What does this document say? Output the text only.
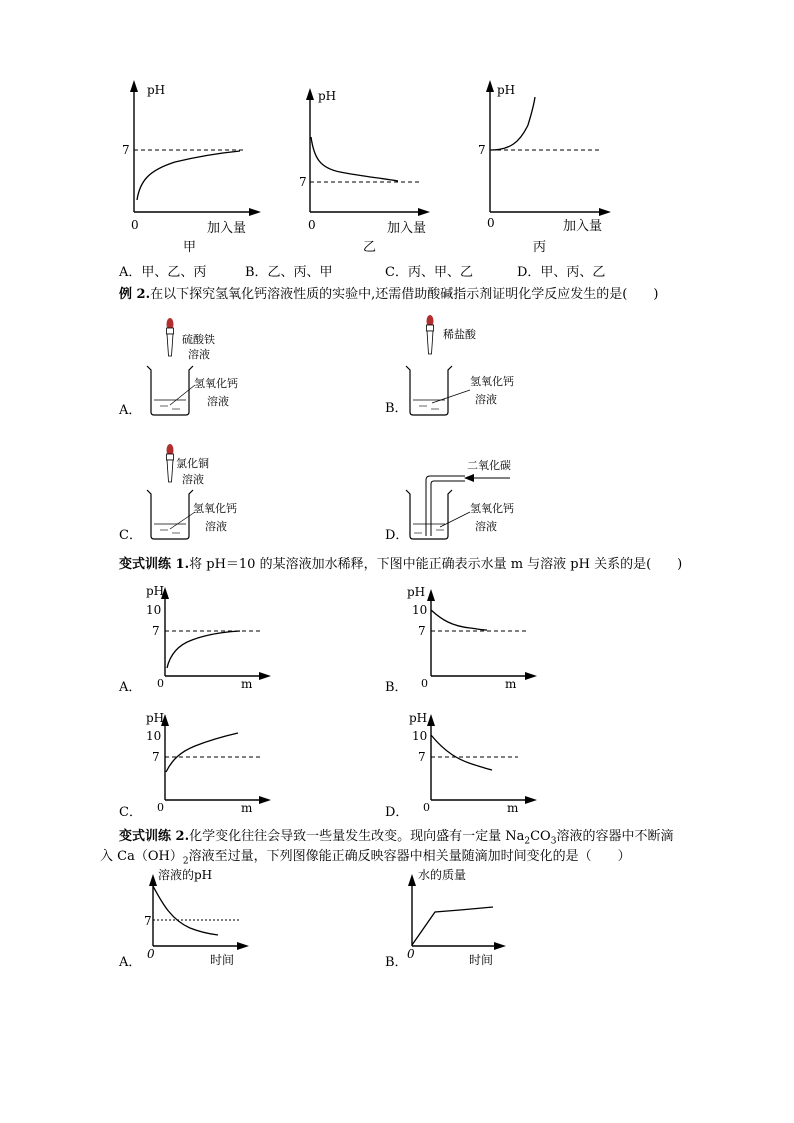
pH
7
0	加入量
甲
pH
7
0	加入量
乙
pH
7
0	加入量
丙
A．甲、乙、丙	B．乙、丙、甲	C．丙、甲、乙	D．甲、丙、乙
例 2.在以下探究氢氧化钙溶液性质的实验中,还需借助酸碱指示剂证明化学反应发生的是(　　)
硫酸铁
溶液
氢氧化钙
溶液
A．
稀盐酸
氢氧化钙
溶液
B．
氯化铜
溶液
氢氧化钙
溶液
C．
二氧化碳
氢氧化钙
溶液
D．
变式训练 1.将 pH＝10 的某溶液加水稀释，下图中能正确表示水量 m 与溶液 pH 关系的是(　　)
pH
10
7
0	m
A．
pH
10
7
0	m
B．
pH
10
7
0	m
C．
pH
10
7
0	m
D．
变式训练 2.化学变化往往会导致一些量发生改变。现向盛有一定量 $Na_2CO_3$溶液的容器中不断滴
入 $Ca(OH)_2$溶液至过量，下列图像能正确反映容器中相关量随滴加时间变化的是（　　）
溶液的pH
7
0	时间
A．
水的质量
0	时间
B．
